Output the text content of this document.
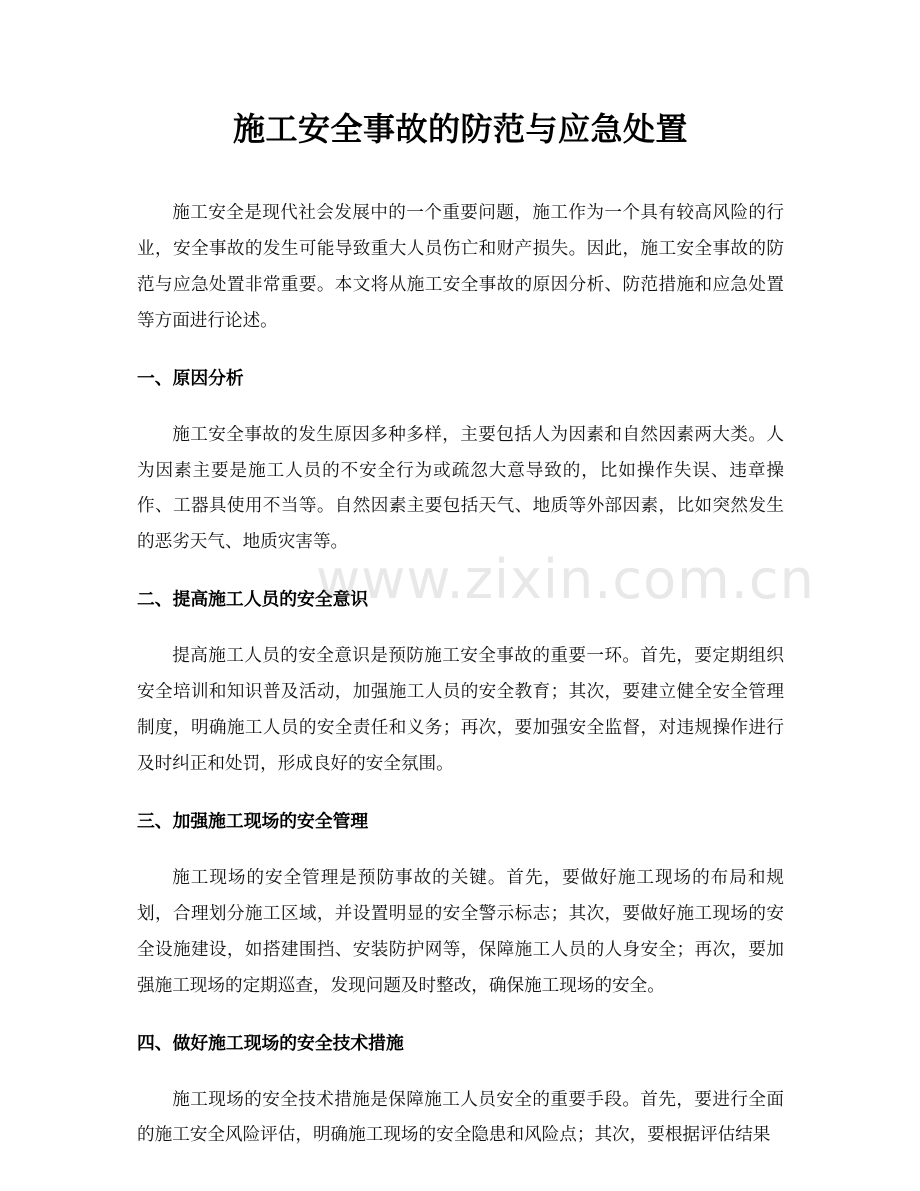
施工安全事故的防范与应急处置

施工安全是现代社会发展中的一个重要问题，施工作为一个具有较高风险的行业，安全事故的发生可能导致重大人员伤亡和财产损失。因此，施工安全事故的防范与应急处置非常重要。本文将从施工安全事故的原因分析、防范措施和应急处置等方面进行论述。

一、原因分析

施工安全事故的发生原因多种多样，主要包括人为因素和自然因素两大类。人为因素主要是施工人员的不安全行为或疏忽大意导致的，比如操作失误、违章操作、工器具使用不当等。自然因素主要包括天气、地质等外部因素，比如突然发生的恶劣天气、地质灾害等。

二、提高施工人员的安全意识

提高施工人员的安全意识是预防施工安全事故的重要一环。首先，要定期组织安全培训和知识普及活动，加强施工人员的安全教育；其次，要建立健全安全管理制度，明确施工人员的安全责任和义务；再次，要加强安全监督，对违规操作进行及时纠正和处罚，形成良好的安全氛围。

三、加强施工现场的安全管理

施工现场的安全管理是预防事故的关键。首先，要做好施工现场的布局和规划，合理划分施工区域，并设置明显的安全警示标志；其次，要做好施工现场的安全设施建设，如搭建围挡、安装防护网等，保障施工人员的人身安全；再次，要加强施工现场的定期巡查，发现问题及时整改，确保施工现场的安全。

四、做好施工现场的安全技术措施

施工现场的安全技术措施是保障施工人员安全的重要手段。首先，要进行全面的施工安全风险评估，明确施工现场的安全隐患和风险点；其次，要根据评估结果

www.zixin.com.cn
